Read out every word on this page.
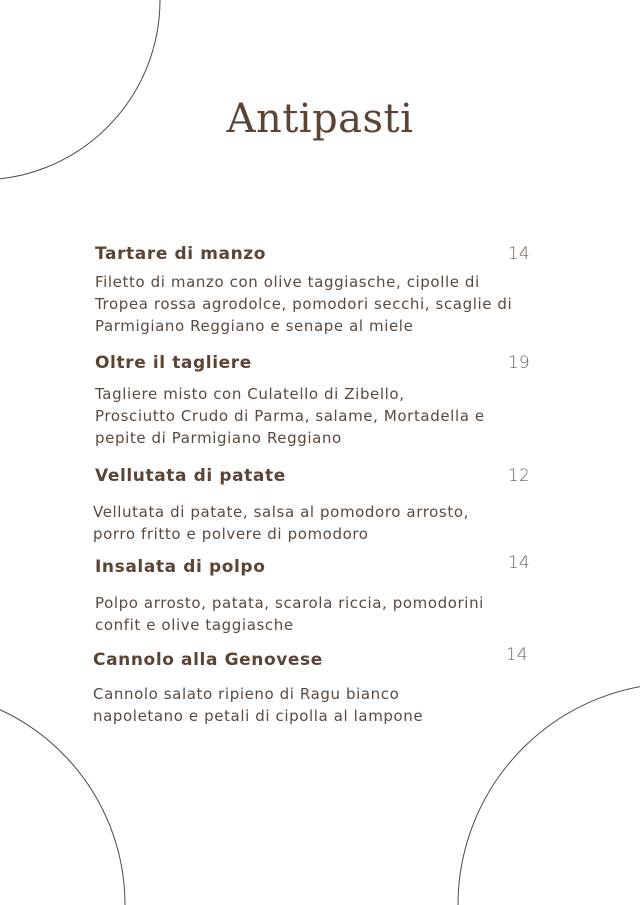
Antipasti
Tartare di manzo	14
Filetto di manzo con olive taggiasche, cipolle di
Tropea rossa agrodolce, pomodori secchi, scaglie di
Parmigiano Reggiano e senape al miele
Oltre il tagliere	19
Tagliere misto con Culatello di Zibello,
Prosciutto Crudo di Parma, salame, Mortadella e
pepite di Parmigiano Reggiano
Vellutata di patate	12
Vellutata di patate, salsa al pomodoro arrosto,
porro fritto e polvere di pomodoro
Insalata di polpo	14
Polpo arrosto, patata, scarola riccia, pomodorini
confit e olive taggiasche
Cannolo alla Genovese	14
Cannolo salato ripieno di Ragu bianco
napoletano e petali di cipolla al lampone
